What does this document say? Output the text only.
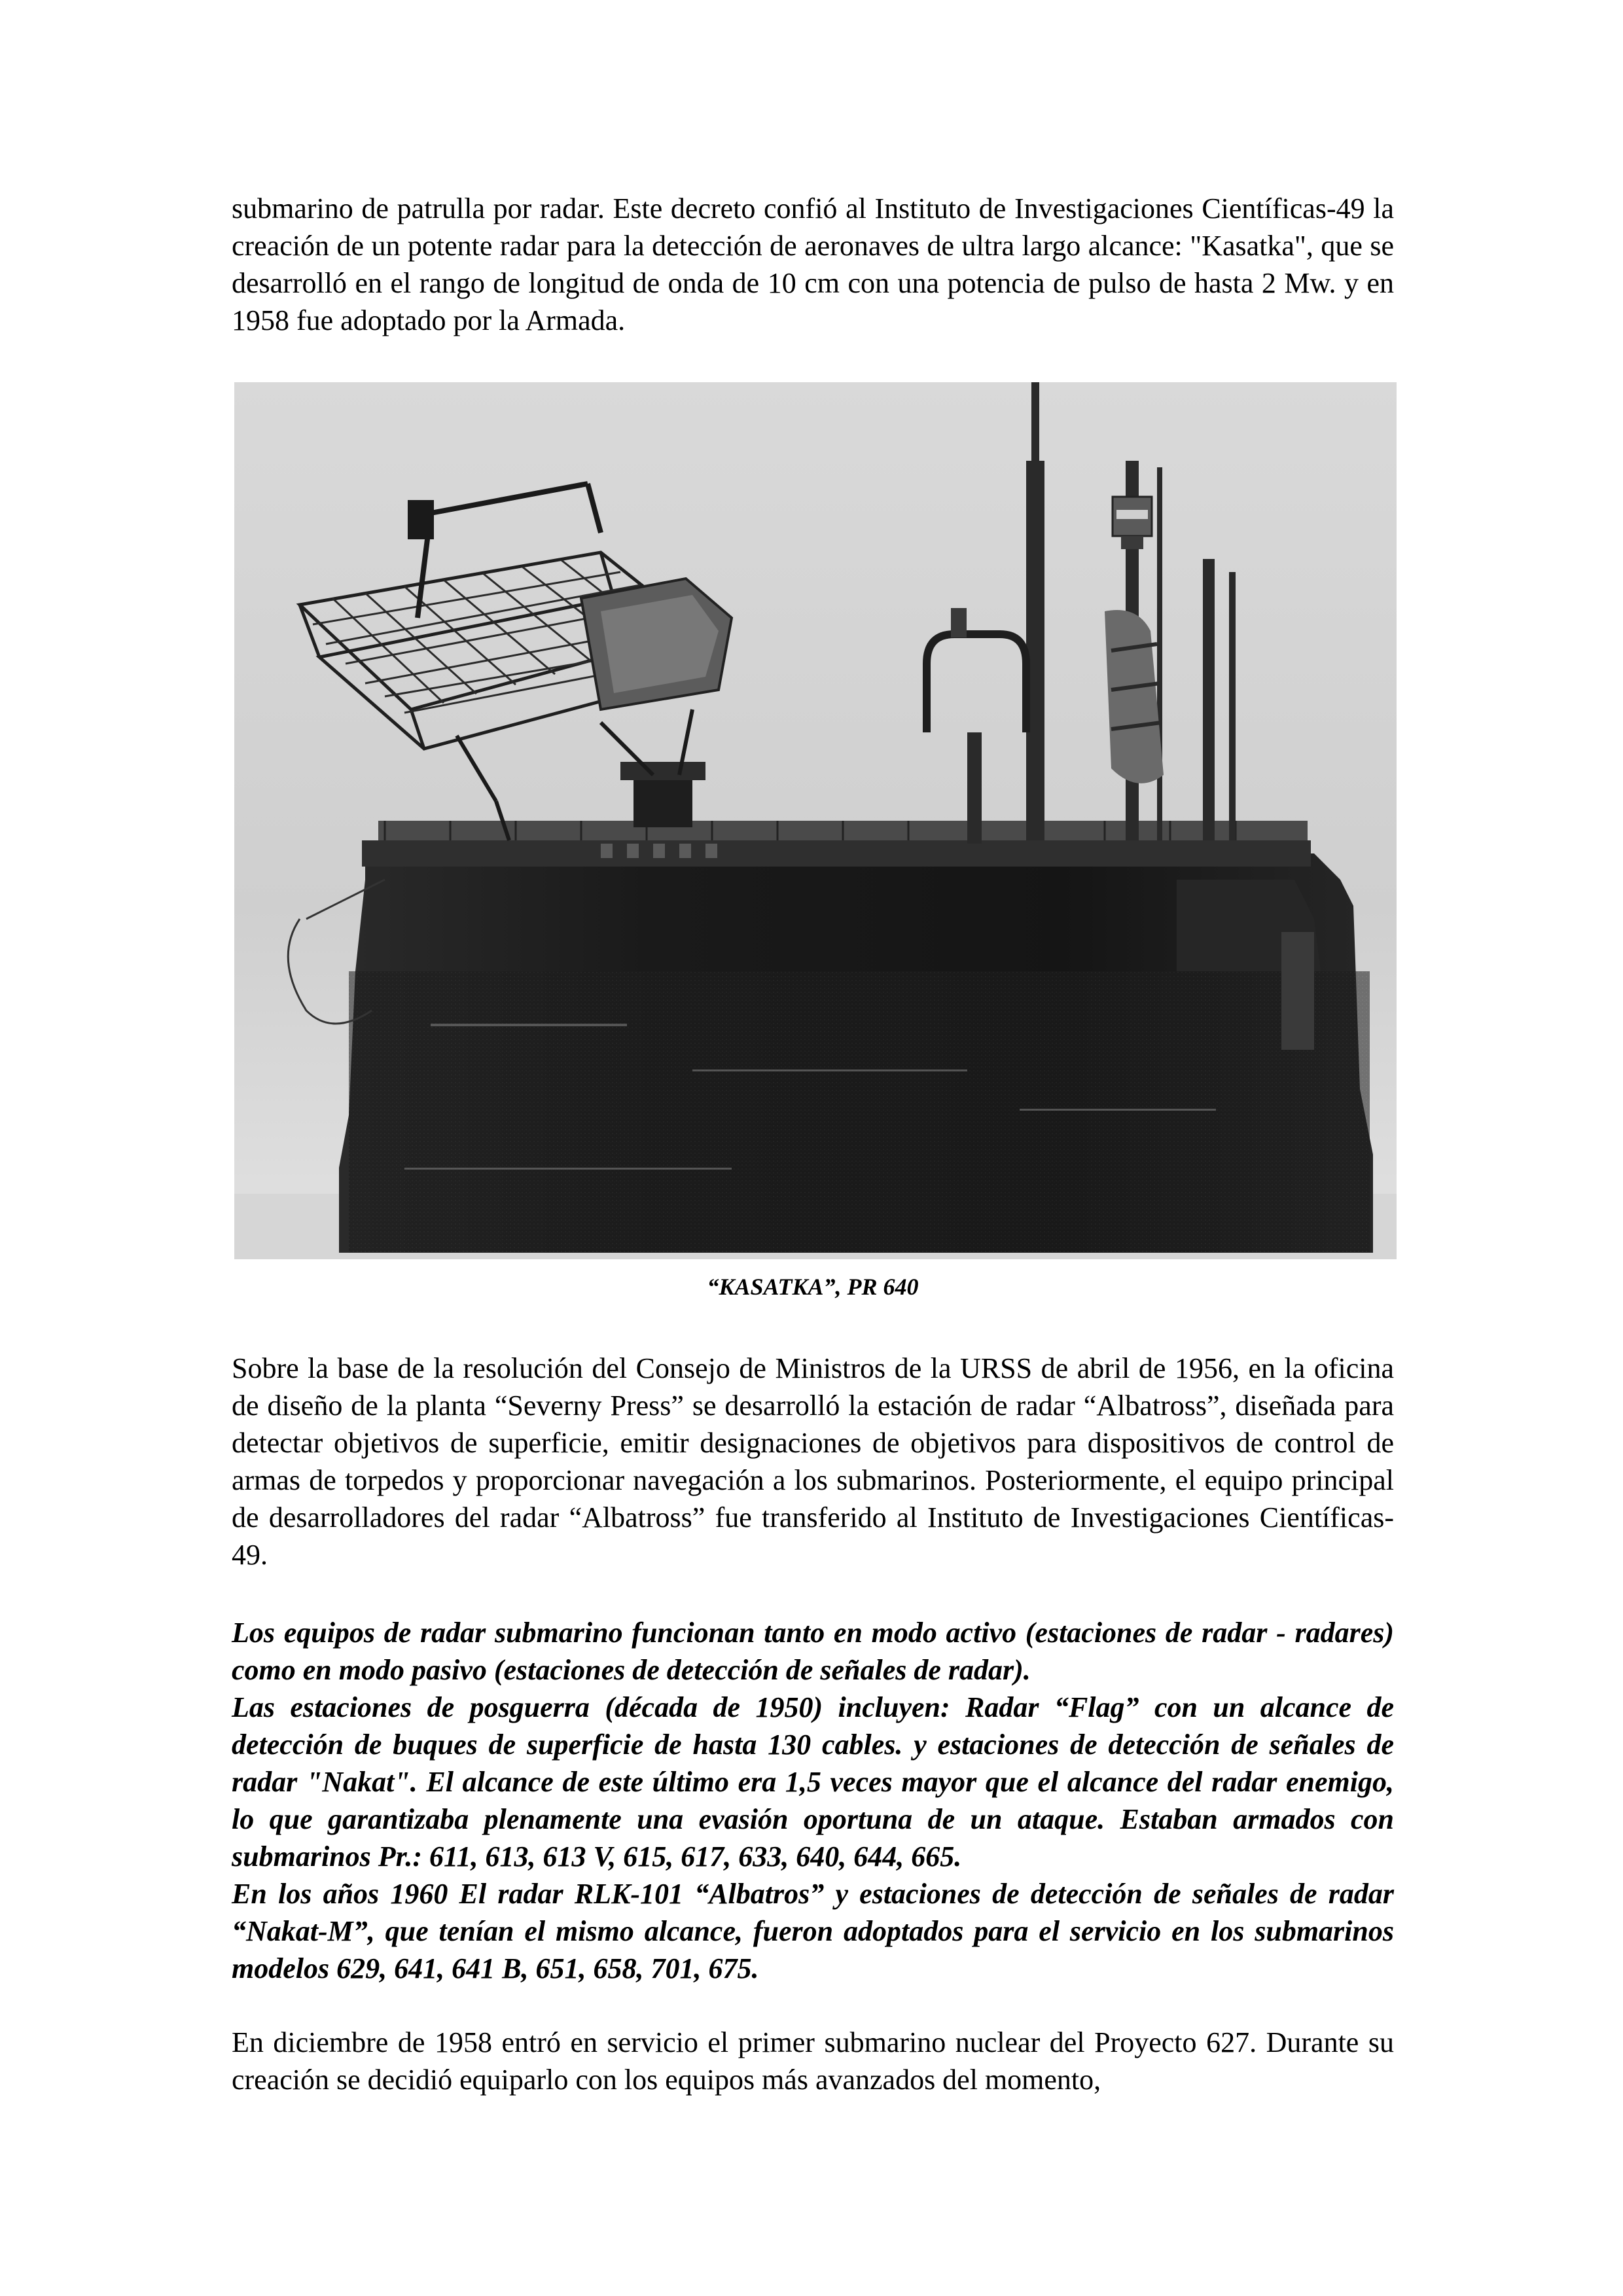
submarino de patrulla por radar. Este decreto confió al Instituto de Investigaciones Científicas-49 la creación de un potente radar para la detección de aeronaves de ultra largo alcance: "Kasatka", que se desarrolló en el rango de longitud de onda de 10 cm con una potencia de pulso de hasta 2 Mw. y en 1958 fue adoptado por la Armada.

“KASATKA”, PR 640

Sobre la base de la resolución del Consejo de Ministros de la URSS de abril de 1956, en la oficina de diseño de la planta “Severny Press” se desarrolló la estación de radar “Albatross”, diseñada para detectar objetivos de superficie, emitir designaciones de objetivos para dispositivos de control de armas de torpedos y proporcionar navegación a los submarinos. Posteriormente, el equipo principal de desarrolladores del radar “Albatross” fue transferido al Instituto de Investigaciones Científicas-49.

Los equipos de radar submarino funcionan tanto en modo activo (estaciones de radar - radares) como en modo pasivo (estaciones de detección de señales de radar).

Las estaciones de posguerra (década de 1950) incluyen: Radar “Flag” con un alcance de detección de buques de superficie de hasta 130 cables. y estaciones de detección de señales de radar "Nakat". El alcance de este último era 1,5 veces mayor que el alcance del radar enemigo, lo que garantizaba plenamente una evasión oportuna de un ataque. Estaban armados con submarinos Pr.: 611, 613, 613 V, 615, 617, 633, 640, 644, 665.

En los años 1960 El radar RLK-101 “Albatros” y estaciones de detección de señales de radar “Nakat-M”, que tenían el mismo alcance, fueron adoptados para el servicio en los submarinos modelos 629, 641, 641 B, 651, 658, 701, 675.

En diciembre de 1958 entró en servicio el primer submarino nuclear del Proyecto 627. Durante su creación se decidió equiparlo con los equipos más avanzados del momento,
